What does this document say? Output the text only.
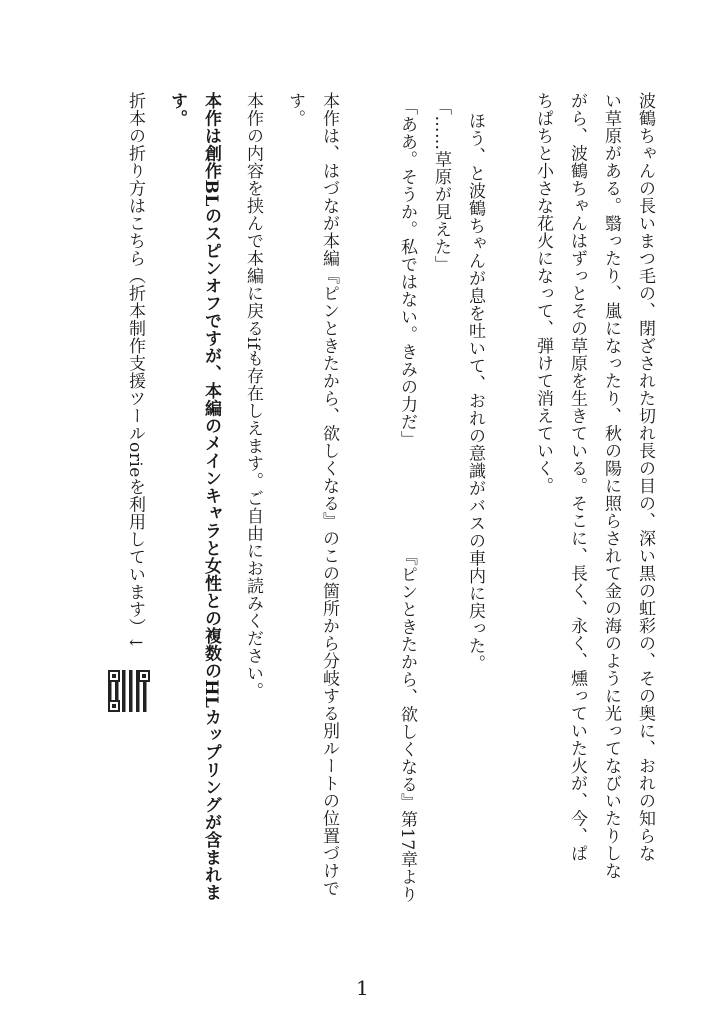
波鶴ちゃんの長いまつ毛の、閉ざされた切れ長の目の、深い黒の虹彩の、その奥に、おれの知らな
い草原がある。翳ったり、嵐になったり、秋の陽に照らされて金の海のように光ってなびいたりしな
がら、波鶴ちゃんはずっとその草原を生きている。そこに、長く、永く、燻っていた火が、今、ぱ
ちぱちと小さな花火になって、弾けて消えていく。
ほう、と波鶴ちゃんが息を吐いて、おれの意識がバスの車内に戻った。
「……草原が見えた」
「ああ。そうか。私ではない。きみの力だ」
『ピンときたから、欲しくなる』第17章より
本作は、はづなが本編『ピンときたから、欲しくなる』のこの箇所から分岐する別ルートの位置づけで
す。
本作の内容を挟んで本編に戻るifも存在しえます。ご自由にお読みください。
本作は創作BLのスピンオフですが、本編のメインキャラと女性との複数のHLカップリングが含まれま
す。
折本の折り方はこちら（折本制作支援ツールorieを利用しています）↓
1
